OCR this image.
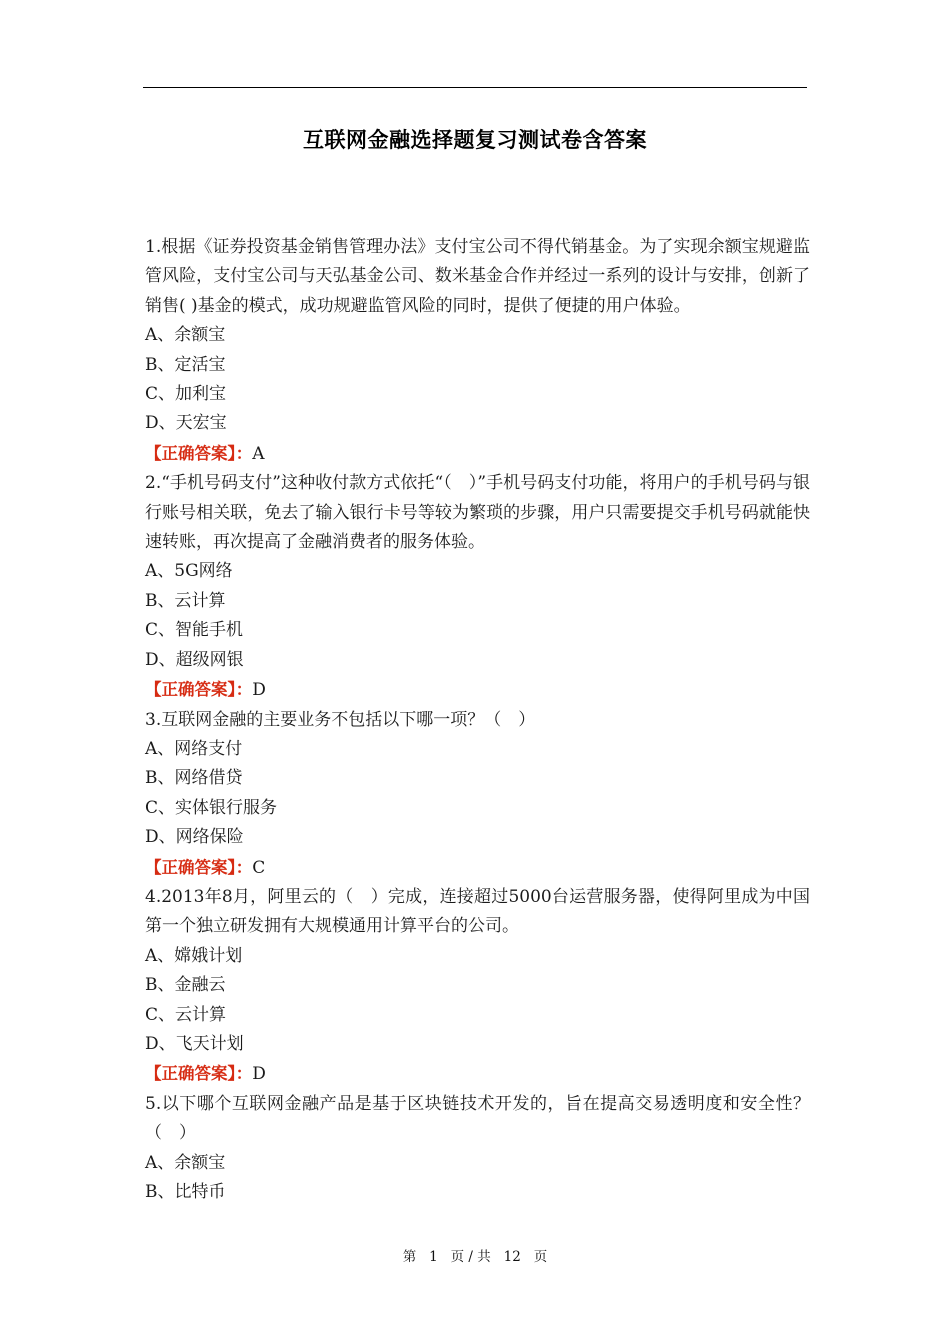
互联网金融选择题复习测试卷含答案
1.根据《证券投资基金销售管理办法》支付宝公司不得代销基金。为了实现余额宝规避监管风险，支付宝公司与天弘基金公司、数米基金合作并经过一系列的设计与安排，创新了销售( )基金的模式，成功规避监管风险的同时，提供了便捷的用户体验。
A、余额宝
B、定活宝
C、加利宝
D、天宏宝
【正确答案】：A
2.“手机号码支付”这种收付款方式依托“（　）”手机号码支付功能，将用户的手机号码与银行账号相关联，免去了输入银行卡号等较为繁琐的步骤，用户只需要提交手机号码就能快速转账，再次提高了金融消费者的服务体验。
A、5G网络
B、云计算
C、智能手机
D、超级网银
【正确答案】：D
3.互联网金融的主要业务不包括以下哪一项？（　）
A、网络支付
B、网络借贷
C、实体银行服务
D、网络保险
【正确答案】：C
4.2013年8月，阿里云的（　）完成，连接超过5000台运营服务器，使得阿里成为中国第一个独立研发拥有大规模通用计算平台的公司。
A、嫦娥计划
B、金融云
C、云计算
D、飞天计划
【正确答案】：D
5.以下哪个互联网金融产品是基于区块链技术开发的，旨在提高交易透明度和安全性？（　）
A、余额宝
B、比特币
第 1 页 / 共 12 页
